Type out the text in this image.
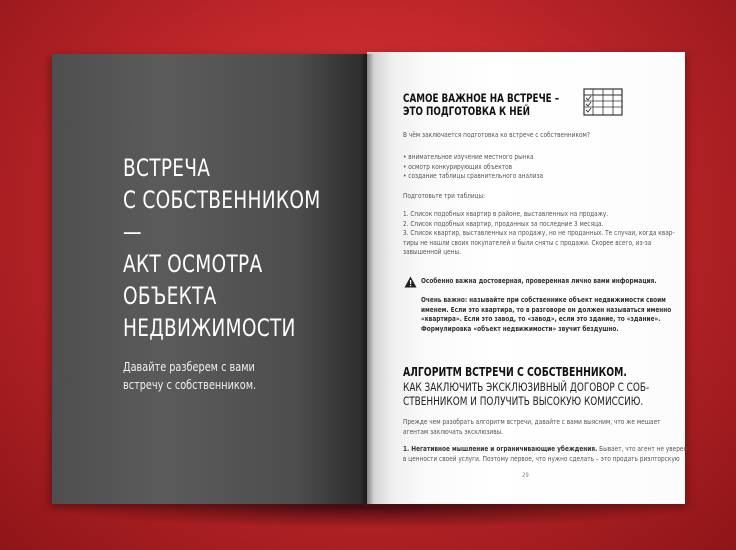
ВСТРЕЧА
С СОБСТВЕННИКОМ
—
АКТ ОСМОТРА
ОБЪЕКТА
НЕДВИЖИМОСТИ
Давайте разберем с вами
встречу с собственником.
САМОЕ ВАЖНОЕ НА ВСТРЕЧЕ –
ЭТО ПОДГОТОВКА К НЕЙ
В чём заключается подготовка ко встрече с собственником?
• внимательное изучение местного рынка
• осмотр конкурирующих объектов
• создание таблицы сравнительного анализа
Подготовьте три таблицы:
1. Список подобных квартир в районе, выставленных на продажу.
2. Список подобных квартир, проданных за последние 3 месяца.
3. Список квартир, выставленных на продажу, но не проданных. Те случаи, когда квар-
тиры не нашли своих покупателей и были сняты с продажи. Скорее всего, из-за
завышенной цены.
Особенно важна достоверная, проверенная лично вами информация.
Очень важно: называйте при собственнике объект недвижимости своим
именем. Если это квартира, то в разговоре он должен называться именно
«квартира». Если это завод, то «завод», если это здание, то «здание».
Формулировка «объект недвижимости» звучит бездушно.
АЛГОРИТМ ВСТРЕЧИ С СОБСТВЕННИКОМ.
КАК ЗАКЛЮЧИТЬ ЭКСКЛЮЗИВНЫЙ ДОГОВОР С СОБ-
СТВЕННИКОМ И ПОЛУЧИТЬ ВЫСОКУЮ КОМИССИЮ.
Прежде чем разобрать алгоритм встречи, давайте с вами выясним, что же мешает
агентам заключать эксклюзивы.
1. Негативное мышление и ограничивающие убеждения. Бывает, что агент не уверен
в ценности своей услуги. Поэтому первое, что нужно сделать – это продать риэлторскую
29
